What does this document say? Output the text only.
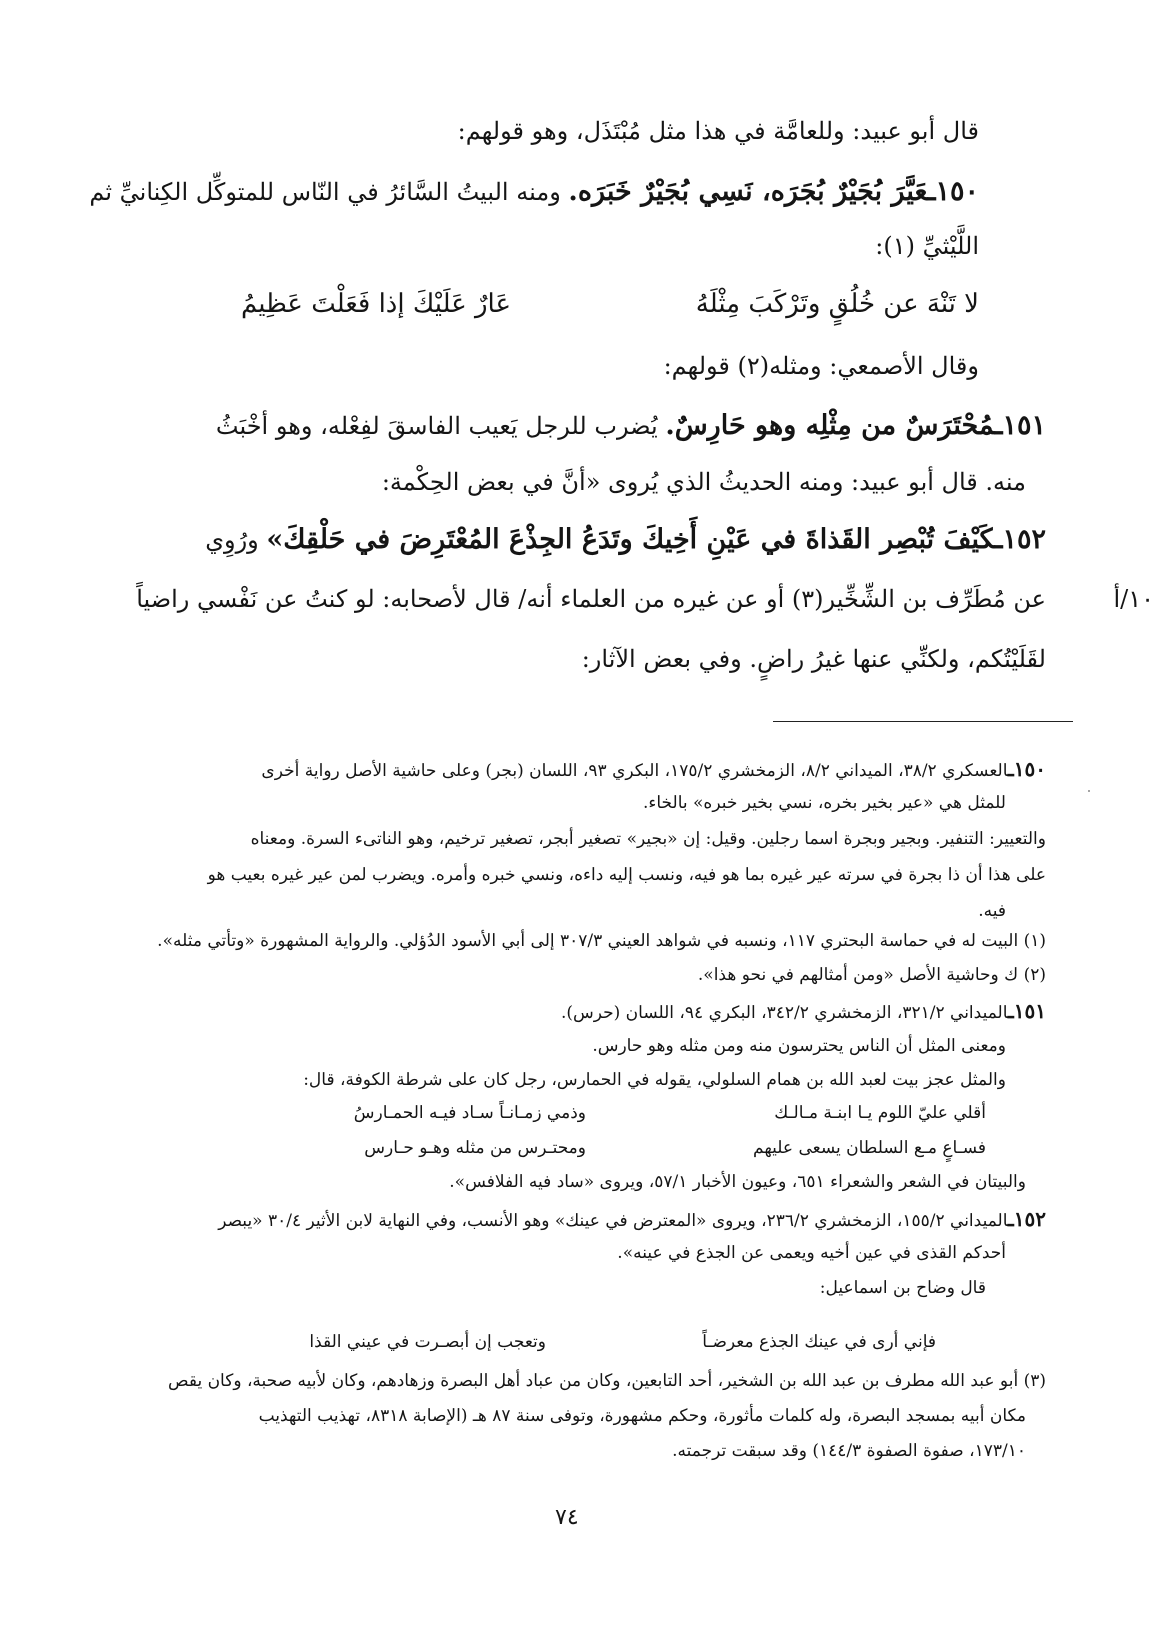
قال أبو عبيد: وللعامَّة في هذا مثل مُبْتَذَل، وهو قولهم:
١٥٠ـعَيَّرَ بُجَيْرٌ بُجَرَه، نَسِي بُجَيْرٌ خَبَرَه. ومنه البيتُ السَّائرُ في النّاس للمتوكِّل الكِنانيِّ ثم
اللَّيْثيِّ (١):
لا تَنْهَ عن خُلُقٍ وتَرْكَبَ مِثْلَهُ
عَارٌ عَلَيْكَ إذا فَعَلْتَ عَظِيمُ
وقال الأصمعي: ومثله(٢) قولهم:
١٥١ـمُحْتَرَسٌ من مِثْلِه وهو حَارِسٌ. يُضرب للرجل يَعيب الفاسقَ لفِعْله، وهو أخْبَثُ
منه. قال أبو عبيد: ومنه الحديثُ الذي يُروى «أنَّ في بعض الحِكْمة:
١٥٢ـكَيْفَ تُبْصِر القَذاةَ في عَيْنِ أَخِيكَ وتَدَعُ الجِذْعَ المُعْتَرِضَ في حَلْقِكَ» ورُوِي
عن مُطَرِّف بن الشِّخِّير(٣) أو عن غيره من العلماء أنه/ قال لأصحابه: لو كنتُ عن نَفْسي راضياً
لقَلَيْتُكم، ولكنِّي عنها غيرُ راضٍ. وفي بعض الآثار:
١٠/أ
١٥٠ـالعسكري ٣٨/٢، الميداني ٨/٢، الزمخشري ١٧٥/٢، البكري ٩٣، اللسان (بجر) وعلى حاشية الأصل رواية أخرى
للمثل هي «عير بخير بخره، نسي بخير خبره» بالخاء.
والتعيير: التنفير. وبجير وبجرة اسما رجلين. وقيل: إن «بجير» تصغير أبجر، تصغير ترخيم، وهو الناتىء السرة. ومعناه
على هذا أن ذا بجرة في سرته عير غيره بما هو فيه، ونسب إليه داءه، ونسي خبره وأمره. ويضرب لمن عير غيره بعيب هو
فيه.
(١) البيت له في حماسة البحتري ١١٧، ونسبه في شواهد العيني ٣٠٧/٣ إلى أبي الأسود الدُؤلي. والرواية المشهورة «وتأتي مثله».
(٢) ك وحاشية الأصل «ومن أمثالهم في نحو هذا».
١٥١ـالميداني ٣٢١/٢، الزمخشري ٣٤٢/٢، البكري ٩٤، اللسان (حرس).
ومعنى المثل أن الناس يحترسون منه ومن مثله وهو حارس.
والمثل عجز بيت لعبد الله بن همام السلولي، يقوله في الحمارس، رجل كان على شرطة الكوفة، قال:
أقلي عليّ اللوم يـا ابنـة مـالـك
وذمي زمـانـاً سـاد فيـه الحمـارسُ
فسـاعٍ مـع السلطان يسعى عليهم
ومحتـرس من مثله وهـو حـارس
والبيتان في الشعر والشعراء ٦٥١، وعيون الأخبار ٥٧/١، ويروى «ساد فيه الفلافس».
١٥٢ـالميداني ١٥٥/٢، الزمخشري ٢٣٦/٢، ويروى «المعترض في عينك» وهو الأنسب، وفي النهاية لابن الأثير ٣٠/٤ «يبصر
أحدكم القذى في عين أخيه ويعمى عن الجذع في عينه».
قال وضاح بن اسماعيل:
فإني أرى في عينك الجذع معرضـاً
وتعجب إن أبصـرت في عيني القذا
(٣) أبو عبد الله مطرف بن عبد الله بن الشخير، أحد التابعين، وكان من عباد أهل البصرة وزهادهم، وكان لأبيه صحبة، وكان يقص
مكان أبيه بمسجد البصرة، وله كلمات مأثورة، وحكم مشهورة، وتوفى سنة ٨٧ هـ (الإصابة ٨٣١٨، تهذيب التهذيب
١٧٣/١٠، صفوة الصفوة ١٤٤/٣) وقد سبقت ترجمته.
٧٤
